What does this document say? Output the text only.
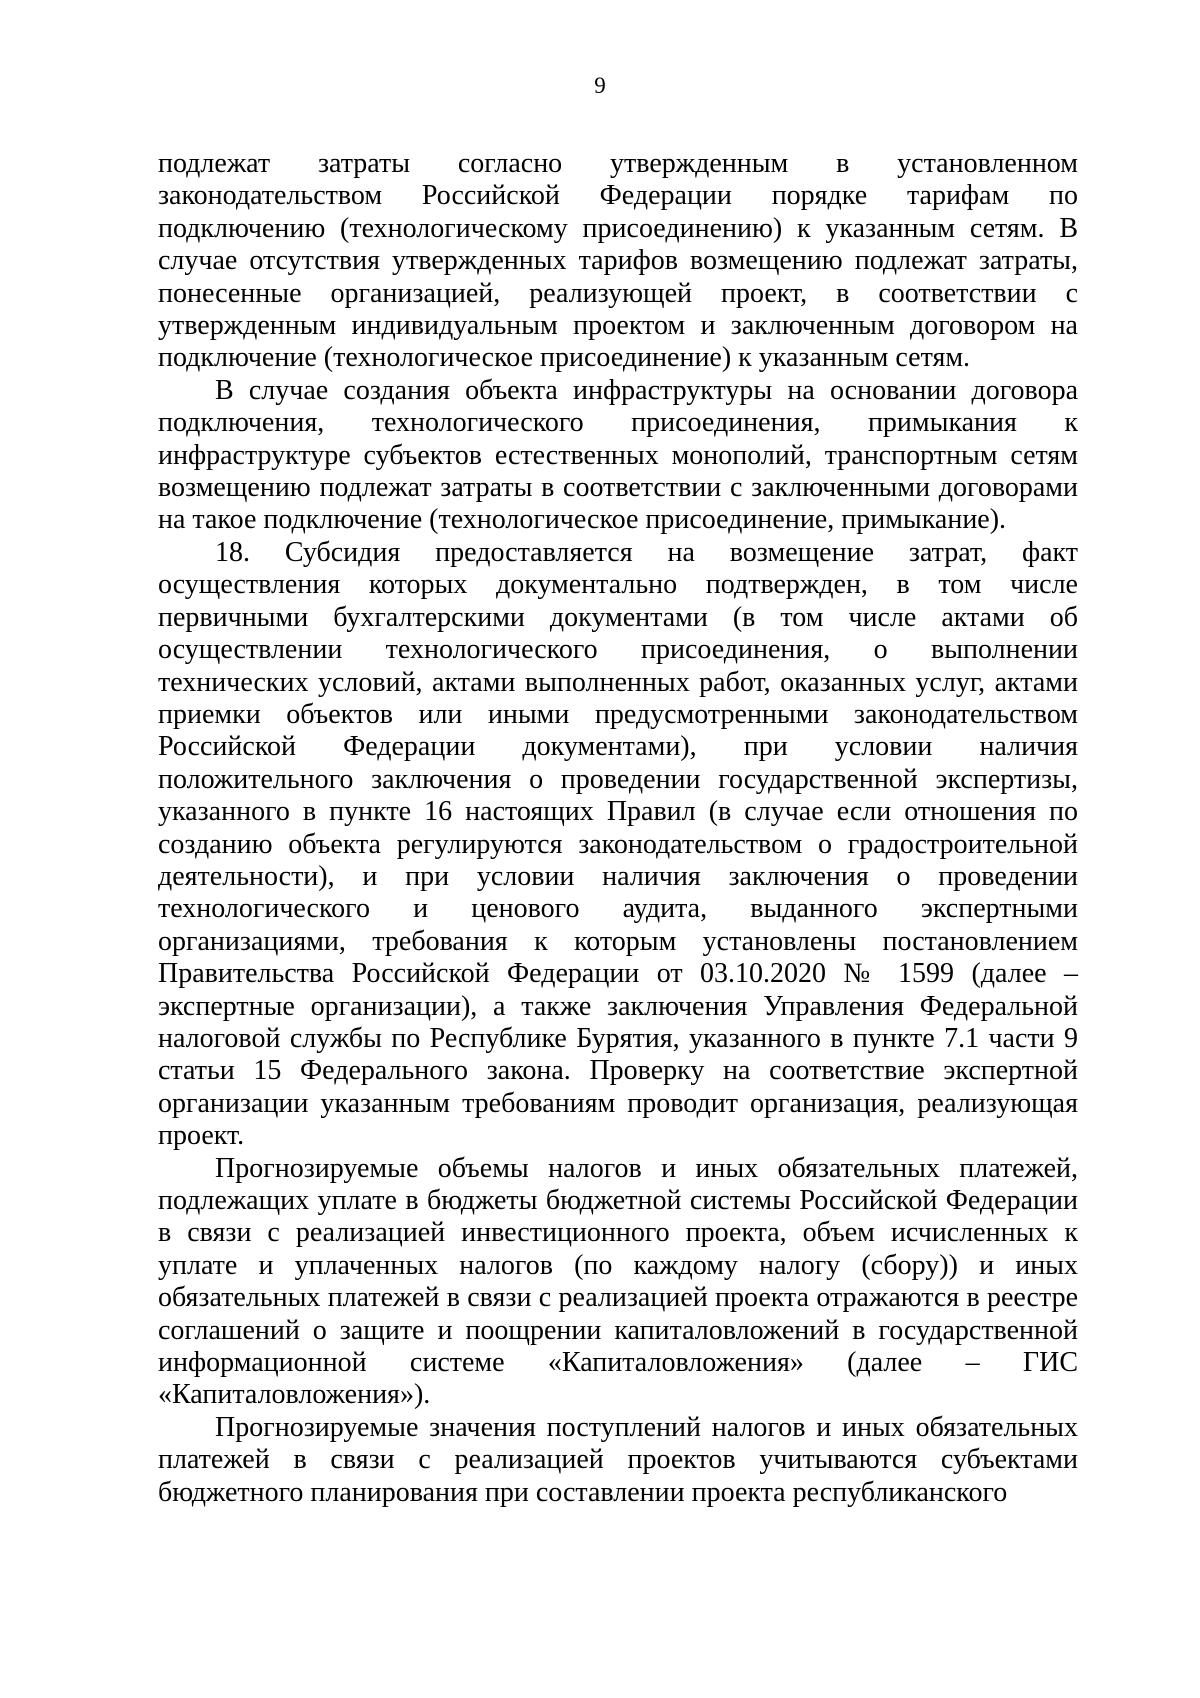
9

подлежат затраты согласно утвержденным в установленном законодательством Российской Федерации порядке тарифам по подключению (технологическому присоединению) к указанным сетям. В случае отсутствия утвержденных тарифов возмещению подлежат затраты, понесенные организацией, реализующей проект, в соответствии с утвержденным индивидуальным проектом и заключенным договором на подключение (технологическое присоединение) к указанным сетям.

В случае создания объекта инфраструктуры на основании договора подключения, технологического присоединения, примыкания к инфраструктуре субъектов естественных монополий, транспортным сетям возмещению подлежат затраты в соответствии с заключенными договорами на такое подключение (технологическое присоединение, примыкание).

18. Субсидия предоставляется на возмещение затрат, факт осуществления которых документально подтвержден, в том числе первичными бухгалтерскими документами (в том числе актами об осуществлении технологического присоединения, о выполнении технических условий, актами выполненных работ, оказанных услуг, актами приемки объектов или иными предусмотренными законодательством Российской Федерации документами), при условии наличия положительного заключения о проведении государственной экспертизы, указанного в пункте 16 настоящих Правил (в случае если отношения по созданию объекта регулируются законодательством о градостроительной деятельности), и при условии наличия заключения о проведении технологического и ценового аудита, выданного экспертными организациями, требования к которым установлены постановлением Правительства Российской Федерации от 03.10.2020 № 1599 (далее – экспертные организации), а также заключения Управления Федеральной налоговой службы по Республике Бурятия, указанного в пункте 7.1 части 9 статьи 15 Федерального закона. Проверку на соответствие экспертной организации указанным требованиям проводит организация, реализующая проект.

Прогнозируемые объемы налогов и иных обязательных платежей, подлежащих уплате в бюджеты бюджетной системы Российской Федерации в связи с реализацией инвестиционного проекта, объем исчисленных к уплате и уплаченных налогов (по каждому налогу (сбору)) и иных обязательных платежей в связи с реализацией проекта отражаются в реестре соглашений о защите и поощрении капиталовложений в государственной информационной системе «Капиталовложения» (далее – ГИС «Капиталовложения»).

Прогнозируемые значения поступлений налогов и иных обязательных платежей в связи с реализацией проектов учитываются субъектами бюджетного планирования при составлении проекта республиканского
